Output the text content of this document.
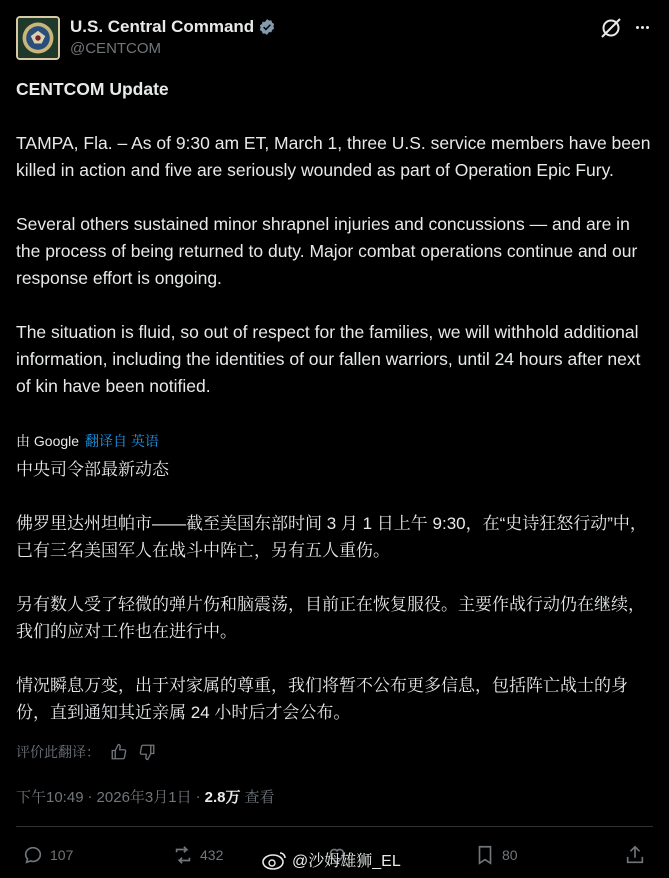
U.S. Central Command
@CENTCOM

CENTCOM Update

TAMPA, Fla. – As of 9:30 am ET, March 1, three U.S. service members have been killed in action and five are seriously wounded as part of Operation Epic Fury.

Several others sustained minor shrapnel injuries and concussions — and are in the process of being returned to duty. Major combat operations continue and our response effort is ongoing.

The situation is fluid, so out of respect for the families, we will withhold additional information, including the identities of our fallen warriors, until 24 hours after next of kin have been notified.

由 Google 翻译自 英语

中央司令部最新动态

佛罗里达州坦帕市——截至美国东部时间 3 月 1 日上午 9:30，在“史诗狂怒行动”中，已有三名美国军人在战斗中阵亡，另有五人重伤。

另有数人受了轻微的弹片伤和脑震荡，目前正在恢复服役。主要作战行动仍在继续，我们的应对工作也在进行中。

情况瞬息万变，出于对家属的尊重，我们将暂不公布更多信息，包括阵亡战士的身份，直到通知其近亲属 24 小时后才会公布。

评价此翻译：
下午10:49 · 2026年3月1日 · 2.8万 查看
107	432	80
@沙姆雄狮_EL
